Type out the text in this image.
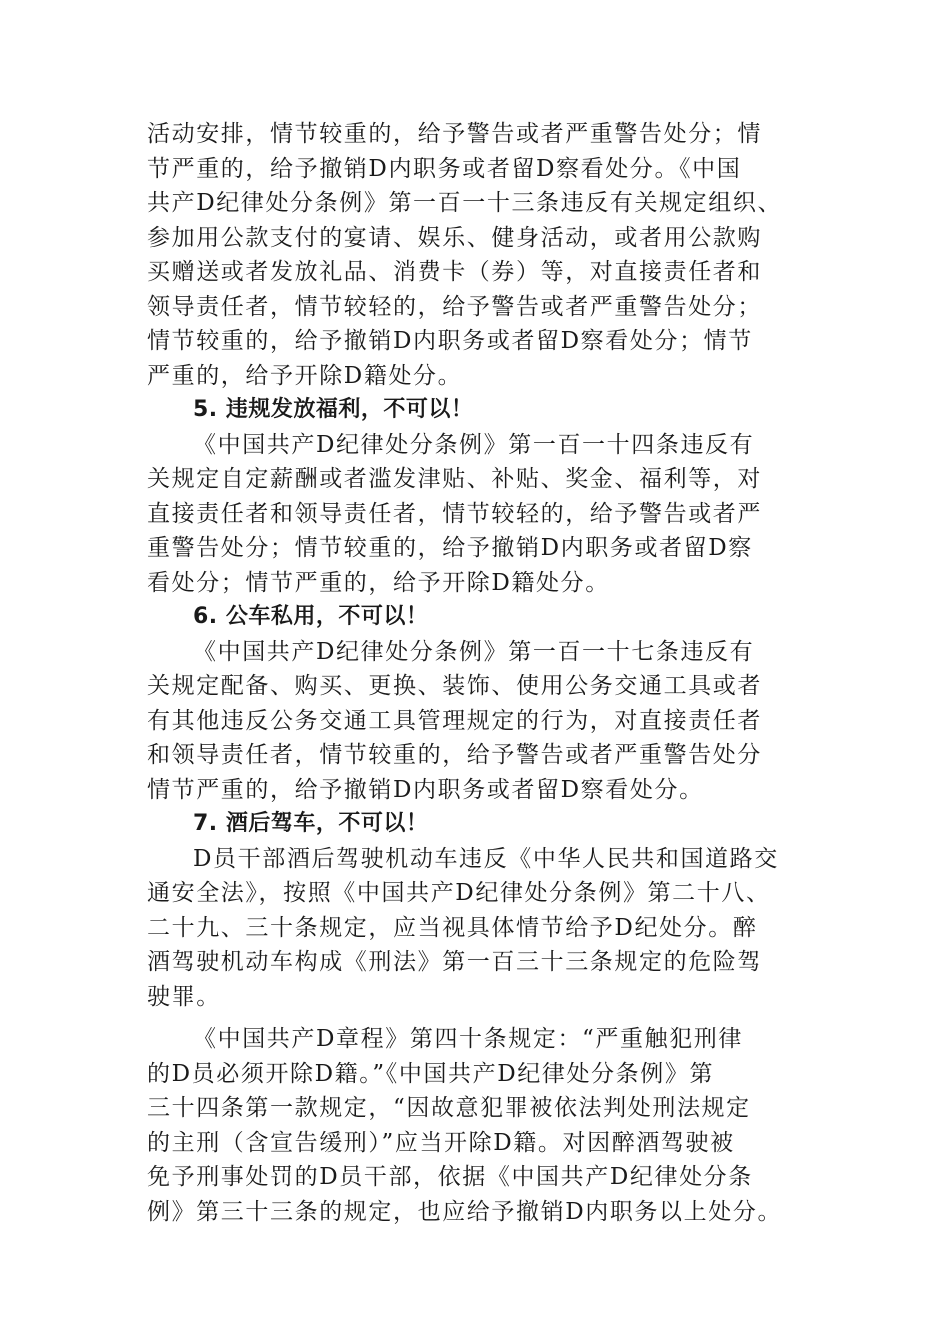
活动安排，情节较重的，给予警告或者严重警告处分；情
节严重的，给予撤销D内职务或者留D察看处分。《中国
共产D纪律处分条例》第一百一十三条违反有关规定组织、
参加用公款支付的宴请、娱乐、健身活动，或者用公款购
买赠送或者发放礼品、消费卡（券）等，对直接责任者和
领导责任者，情节较轻的，给予警告或者严重警告处分；
情节较重的，给予撤销D内职务或者留D察看处分；情节
严重的，给予开除D籍处分。
5. 违规发放福利，不可以！
《中国共产D纪律处分条例》第一百一十四条违反有
关规定自定薪酬或者滥发津贴、补贴、奖金、福利等，对
直接责任者和领导责任者，情节较轻的，给予警告或者严
重警告处分；情节较重的，给予撤销D内职务或者留D察
看处分；情节严重的，给予开除D籍处分。
6. 公车私用，不可以！
《中国共产D纪律处分条例》第一百一十七条违反有
关规定配备、购买、更换、装饰、使用公务交通工具或者
有其他违反公务交通工具管理规定的行为，对直接责任者
和领导责任者，情节较重的，给予警告或者严重警告处分
情节严重的，给予撤销D内职务或者留D察看处分。
7. 酒后驾车，不可以！
D员干部酒后驾驶机动车违反《中华人民共和国道路交
通安全法》，按照《中国共产D纪律处分条例》第二十八、
二十九、三十条规定，应当视具体情节给予D纪处分。醉
酒驾驶机动车构成《刑法》第一百三十三条规定的危险驾
驶罪。
《中国共产D章程》第四十条规定：“严重触犯刑律
的D员必须开除D籍。”《中国共产D纪律处分条例》第
三十四条第一款规定，“因故意犯罪被依法判处刑法规定
的主刑（含宣告缓刑）”应当开除D籍。对因醉酒驾驶被
免予刑事处罚的D员干部，依据《中国共产D纪律处分条
例》第三十三条的规定，也应给予撤销D内职务以上处分。
